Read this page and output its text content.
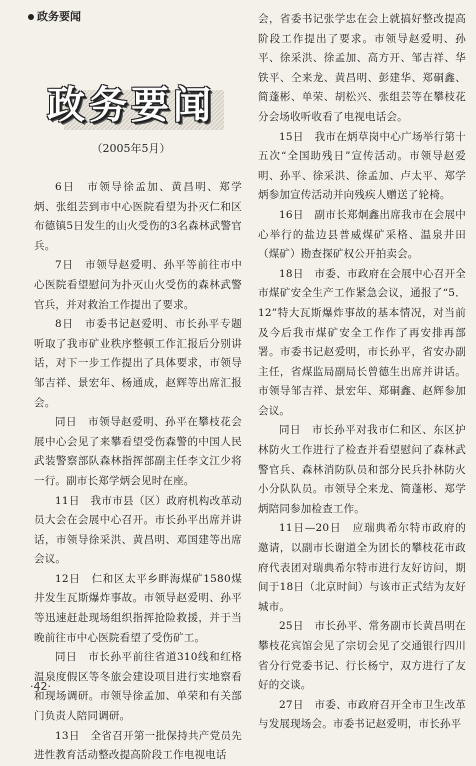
政务要闻
政务要闻
（2005年5月）

6日　市领导徐孟加、黄昌明、郑学炳、张组芸到市中心医院看望为扑灭仁和区布德镇5日发生的山火受伤的3名森林武警官兵。

7日　市领导赵爱明、孙平等前往市中心医院看望慰问为扑灭山火受伤的森林武警官兵，并对救治工作提出了要求。

8日　市委书记赵爱明、市长孙平专题听取了我市矿业秩序整顿工作汇报后分别讲话，对下一步工作提出了具体要求，市领导邹吉祥、景宏年、杨通成，赵辉等出席汇报会。

同日　市领导赵爱明、孙平在攀枝花会展中心会见了来攀看望受伤森警的中国人民武装警察部队森林指挥部副主任李文江少将一行。副市长郑学炳会见时在座。

11日　我市市县（区）政府机构改革动员大会在会展中心召开。市长孙平出席并讲话，市领导徐采洪、黄昌明、邓国建等出席会议。

12日　仁和区太平乡畔海煤矿1580煤井发生瓦斯爆炸事故。市领导赵爱明、孙平等迅速赶赴现场组织指挥抢险救援，并于当晚前往市中心医院看望了受伤矿工。

同日　市长孙平前往省道310线和红格温泉度假区等冬旅会建设项目进行实地察看和现场调研。市领导徐孟加、单荣和有关部门负责人陪同调研。

13日　全省召开第一批保持共产党员先进性教育活动整改提高阶段工作电视电话

会，省委书记张学忠在会上就搞好整改提高阶段工作提出了要求。市领导赵爱明、孙平、徐采洪、徐孟加、高方开、邹吉祥、华铁平、仝来龙、黄昌明、彭建华、郑硐鑫、简蓬彬、单荣、胡松兴、张组芸等在攀枝花分会场收听收看了电视电话会。

15日　我市在炳草岗中心广场举行第十五次“全国助残日”宣传活动。市领导赵爱明、孙平、徐采洪、徐孟加、卢太平、郑学炳参加宣传活动并向残疾人赠送了轮椅。

16日　副市长郑炯鑫出席我市在会展中心举行的盐边县普威煤矿采格、温泉井田（煤矿）勘查探矿权公开拍卖会。

18日　市委、市政府在会展中心召开全市煤矿安全生产工作紧急会议，通报了“5．12”特大瓦斯爆炸事故的基本情况，对当前及今后我市煤矿安全工作作了再安排再部署。市委书记赵爱明，市长孙平，省安办副主任，省煤监局副局长曾德生出席并讲话。市领导邹吉祥、景宏年、郑硐鑫、赵辉参加会议。

同日　市长孙平对我市仁和区、东区护林防火工作进行了检查并看望慰问了森林武警官兵、森林消防队员和部分民兵扑林防火小分队队员。市领导仝来龙、简蓬彬、郑学炳陪同参加检查工作。

11日—20日　应瑞典希尔特市政府的邀请，以副市长谢道全为团长的攀枝花市政府代表团对瑞典希尔特市进行友好访问，期间于18日（北京时间）与该市正式结为友好城市。

25日　市长孙平、常务副市长黄昌明在攀枝花宾馆会见了宗切会见了交通银行四川省分行党委书记、行长杨宁，双方进行了友好的交谈。

27日　市委、市政府召开全市卫生改革与发展现场会。市委书记赵爱明，市长孙平

·42·
